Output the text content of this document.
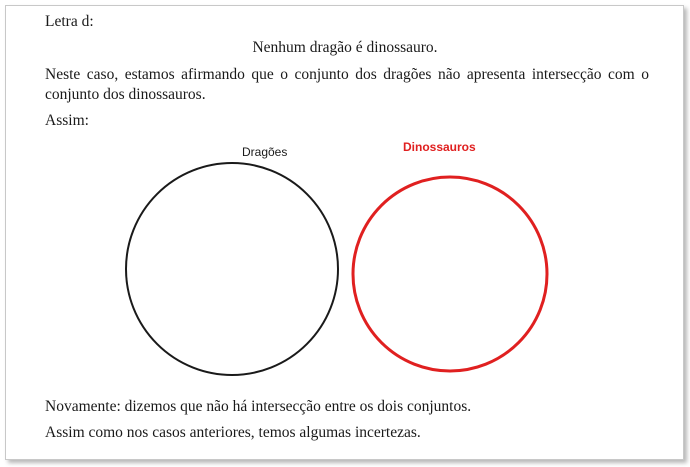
Letra d:
Nenhum dragão é dinossauro.
Neste caso, estamos afirmando que o conjunto dos dragões não apresenta intersecção com o conjunto dos dinossauros.
Assim:
Dragões	Dinossauros
Novamente: dizemos que não há intersecção entre os dois conjuntos.
Assim como nos casos anteriores, temos algumas incertezas.
